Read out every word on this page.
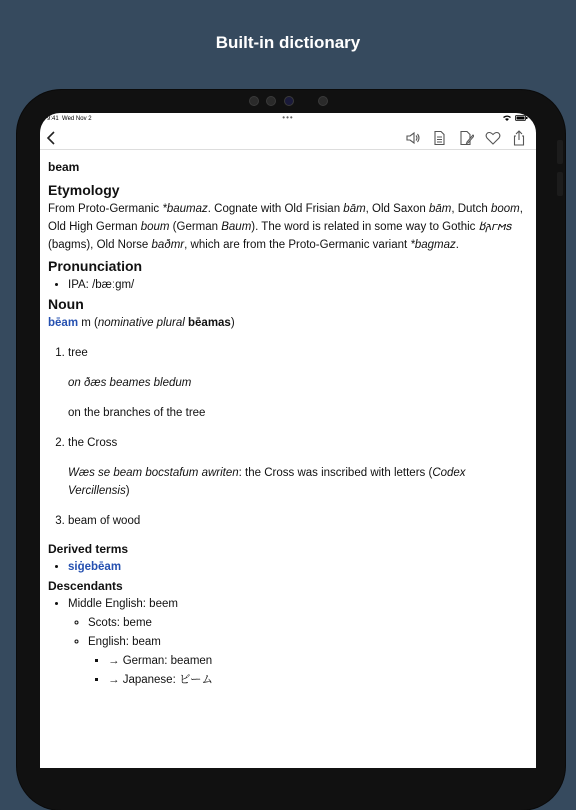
Built-in dictionary
•••
9:41 Wed Nov 2
beam
Etymology

From Proto-Germanic *baumaz. Cognate with Old Frisian bām, Old Saxon bām, Dutch boom, Old High German boum (German Baum). The word is related in some way to Gothic 𐌱𐌰𐌲𐌼𐍃 (bagms), Old Norse baðmr, which are from the Proto-Germanic variant *bagmaz.

Pronunciation
• IPA: /bæːɡm/
Noun

bēam m (nominative plural bēamas)

1. tree
on ðæs beames bledum
on the branches of the tree
2. the Cross
Wæs se beam bocstafum awriten: the Cross was inscribed with letters (Codex Vercillensis)
3. beam of wood
Derived terms
• siġebēam
Descendants
• Middle English: beem
◦ Scots: beme
◦ English: beam
▪ → German: beamen
▪ → Japanese: ビーム
